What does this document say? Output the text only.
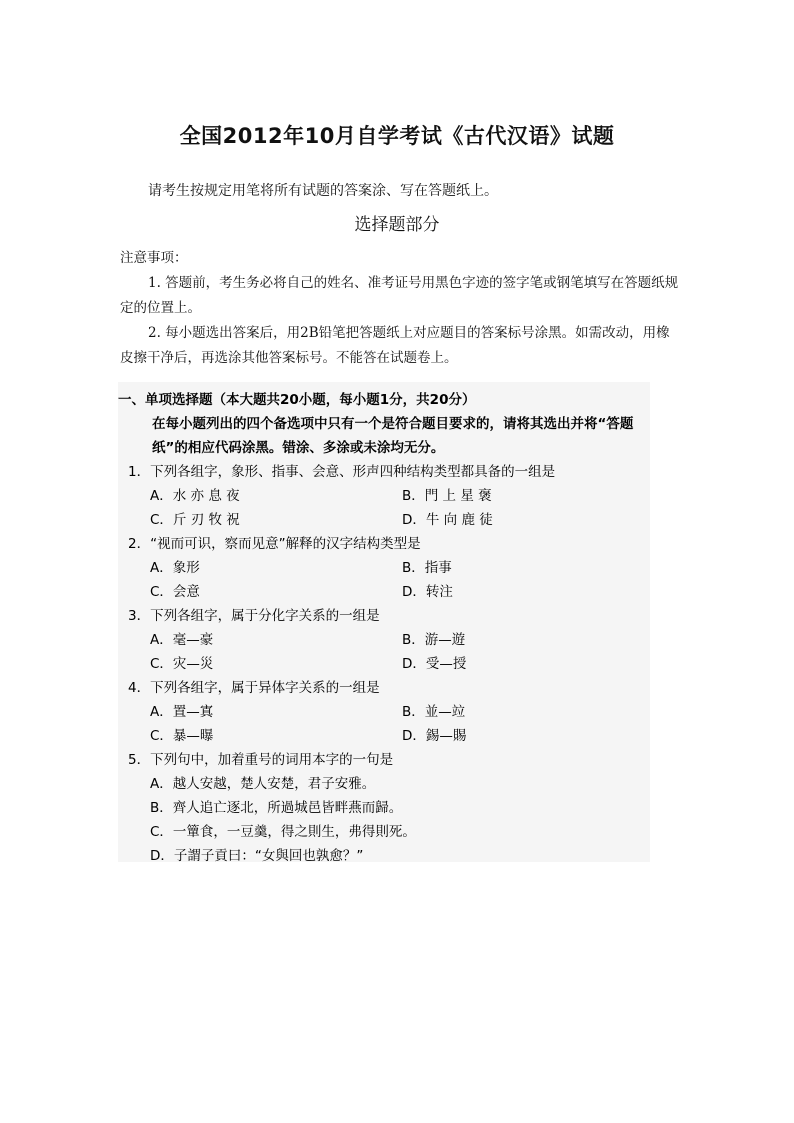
全国2012年10月自学考试《古代汉语》试题
请考生按规定用笔将所有试题的答案涂、写在答题纸上。
选择题部分

注意事项：

1. 答题前，考生务必将自己的姓名、准考证号用黑色字迹的签字笔或钢笔填写在答题纸规定的位置上。

2. 每小题选出答案后，用2B铅笔把答题纸上对应题目的答案标号涂黑。如需改动，用橡皮擦干净后，再选涂其他答案标号。不能答在试题卷上。

一、单项选择题（本大题共20小题，每小题1分，共20分）
在每小题列出的四个备选项中只有一个是符合题目要求的，请将其选出并将“答题
纸”的相应代码涂黑。错涂、多涂或未涂均无分。
1．下列各组字，象形、指事、会意、形声四种结构类型都具备的一组是
A．水 亦 息 夜	B．門 上 星 褒
C．斤 刃 牧 祝	D．牛 向 鹿 徒
2．“视而可识，察而见意”解释的汉字结构类型是
A．象形	B．指事
C．会意	D．转注
3．下列各组字，属于分化字关系的一组是
A．毫—豪	B．游—遊
C．灾—災	D．受—授
4．下列各组字，属于异体字关系的一组是
A．置—寘	B．並—竝
C．暴—曝	D．錫—賜
5．下列句中，加着重号的词用本字的一句是
A．越人安越，楚人安楚，君子安雅。
B．齊人追亡逐北，所過城邑皆畔燕而歸。
C．一簞食，一豆羹，得之則生，弗得則死。
D．子謂子貢曰：“女與回也孰愈？”
